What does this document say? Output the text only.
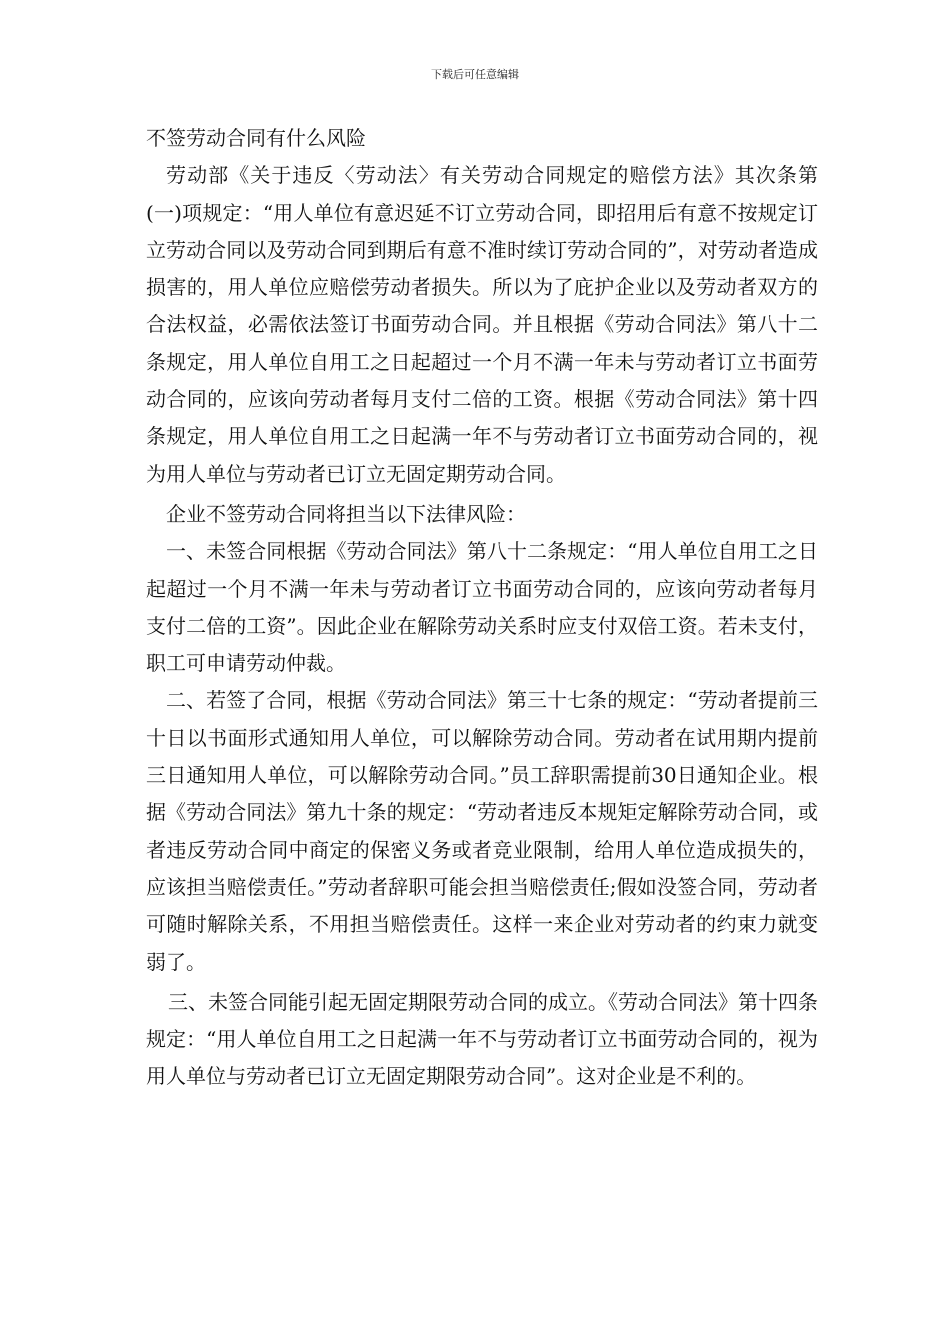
下载后可任意编辑

不签劳动合同有什么风险

劳动部《关于违反〈劳动法〉有关劳动合同规定的赔偿方法》其次条第(一)项规定：“用人单位有意迟延不订立劳动合同，即招用后有意不按规定订立劳动合同以及劳动合同到期后有意不准时续订劳动合同的”，对劳动者造成损害的，用人单位应赔偿劳动者损失。所以为了庇护企业以及劳动者双方的合法权益，必需依法签订书面劳动合同。并且根据《劳动合同法》第八十二条规定，用人单位自用工之日起超过一个月不满一年未与劳动者订立书面劳动合同的，应该向劳动者每月支付二倍的工资。根据《劳动合同法》第十四条规定，用人单位自用工之日起满一年不与劳动者订立书面劳动合同的，视为用人单位与劳动者已订立无固定期劳动合同。

企业不签劳动合同将担当以下法律风险：

一、未签合同根据《劳动合同法》第八十二条规定：“用人单位自用工之日起超过一个月不满一年未与劳动者订立书面劳动合同的，应该向劳动者每月支付二倍的工资”。因此企业在解除劳动关系时应支付双倍工资。若未支付，职工可申请劳动仲裁。

二、若签了合同，根据《劳动合同法》第三十七条的规定：“劳动者提前三十日以书面形式通知用人单位，可以解除劳动合同。劳动者在试用期内提前三日通知用人单位，可以解除劳动合同。”员工辞职需提前30日通知企业。根据《劳动合同法》第九十条的规定：“劳动者违反本规矩定解除劳动合同，或者违反劳动合同中商定的保密义务或者竞业限制，给用人单位造成损失的，应该担当赔偿责任。”劳动者辞职可能会担当赔偿责任;假如没签合同，劳动者可随时解除关系，不用担当赔偿责任。这样一来企业对劳动者的约束力就变弱了。

三、未签合同能引起无固定期限劳动合同的成立。《劳动合同法》第十四条规定：“用人单位自用工之日起满一年不与劳动者订立书面劳动合同的，视为用人单位与劳动者已订立无固定期限劳动合同”。这对企业是不利的。
